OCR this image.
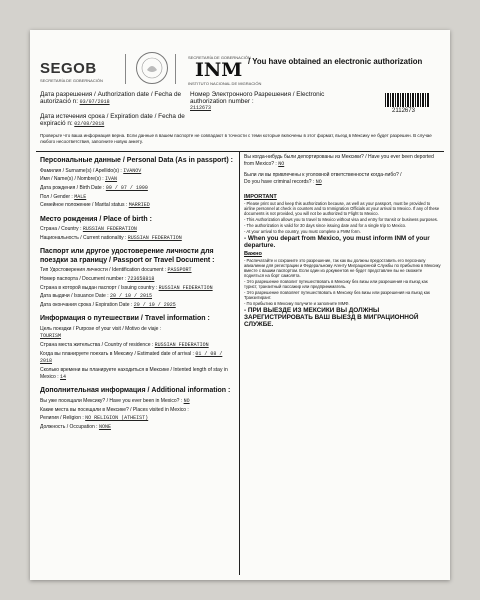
SEGOB
SECRETARÍA DE GOBERNACIÓN
SECRETARÍA DE GOBERNACIÓN
INM
INSTITUTO NACIONAL DE MIGRACIÓN
/ You have obtained an electronic authorization
Дата разрешения / Authorization date / Fecha de autorizació n: 03/07/2018
Номер Электронного Разрешения / Electronic authorization number :
2112673
Дата истечения срока / Expiration date / Fecha de expiració n: 02/08/2018
2112673
Проверьте что ваша информация верна. Если данные в вашем паспорте не совпадают в точности с теми которые включены в этот формат, въезд в Мексику не будет разрешен. В случае любого несоответствия, заполните новую анкету.
Персональные данные / Personal Data (As in passport) :

Фамилия / Surname(s) / Apellido(s) : IVANOV

Имя / Name(s) / Nombre(s) : IVAN

Дата рождения / Birth Date : 09 / 07 / 1990

Пол / Gender : MALE

Семейное положение / Marital status : MARRIED

Место рождения / Place of birth :

Страна / Country : RUSSIAN FEDERATION

Национальность / Current nationality : RUSSIAN FEDERATION

Паспорт или другое удостоверение личности для поездки за границу / Passport or Travel Document :

Тип Удостоверения личности / Identification document : PASSPORT

Номер паспорта / Document number : 723658818

Страна в которой выдан паспорт / Issuing country : RUSSIAN FEDERATION

Дата выдачи / Issuance Date : 20 / 10 / 2015

Дата окончания срока / Expiration Date : 20 / 10 / 2025

Информация о путешествии / Travel information :

Цель поездки / Purpose of your visit / Motivo de viaje :
TOURISM

Страна места жительства / Country of residence : RUSSIAN FEDERATION

Когда вы планируете поехать в Мексику / Estimated date of arrival : 01 / 08 / 2018

Сколько времени вы планируете находиться в Мексике / Intented length of stay in Mexico : 14

Дополнительная информация / Additional information :

Вы уже посещали Мексику? / Have you ever been in Mexico? : NO

Какие места вы посещали в Мексике? / Places visited in Mexico :

Религия / Religion : NO RELIGION (ATHEIST)

Должность / Occupation : NONE

Вы когда-нибудь были депортированы из Мексики? / Have you ever been deported from Mexico? : NO

Были ли вы привлечены к уголовной ответственности когда-либо? /
Do you have criminal records? : NO

IMPORTANT

- Please print out and keep this authorization because, as well as your passport, must be provided to airline personnel at check in counters and to Immigration Officials at your arrival to Mexico. If any of these documents is not provided, you will not be authorized to Flight to Mexico.

- This Authorization allows you to travel to Mexico without visa and entry for transit or business purposes.

- The authorization is valid for 30 days since issuing date and for a single trip to Mexico.

- At your arrival to the country, you must complete a FMM form.

- When you depart from Mexico, you must inform INM of your departure.

Важно

- Распечатайте и сохраните это разрешение, так как вы должны предоставить его персоналу авиалинии для регистрации и Федеральному Агенту Миграционной Службы по прибытию в Мексику вместе с вашим паспортом. Если один из документов не будет представлен вы не сможете подняться на борт самолёта.

- Это разрешение позволит путешествовать в Мексику без визы или разрешения на въезд как турист, транзитный пассажир или предприниматель.

- Это разрешение позволяет путешествовать в Мексику без визы или разрешения на въезд как Транзитирант.

- По прибытию в Мексику получите и заполните ММФ.

- ПРИ ВЫЕЗДЕ ИЗ МЕКСИКИ ВЫ ДОЛЖНЫ ЗАРЕГИСТРИРОВАТЬ ВАШ ВЫЕЗД В МИГРАЦИОННОЙ СЛУЖБЕ.
